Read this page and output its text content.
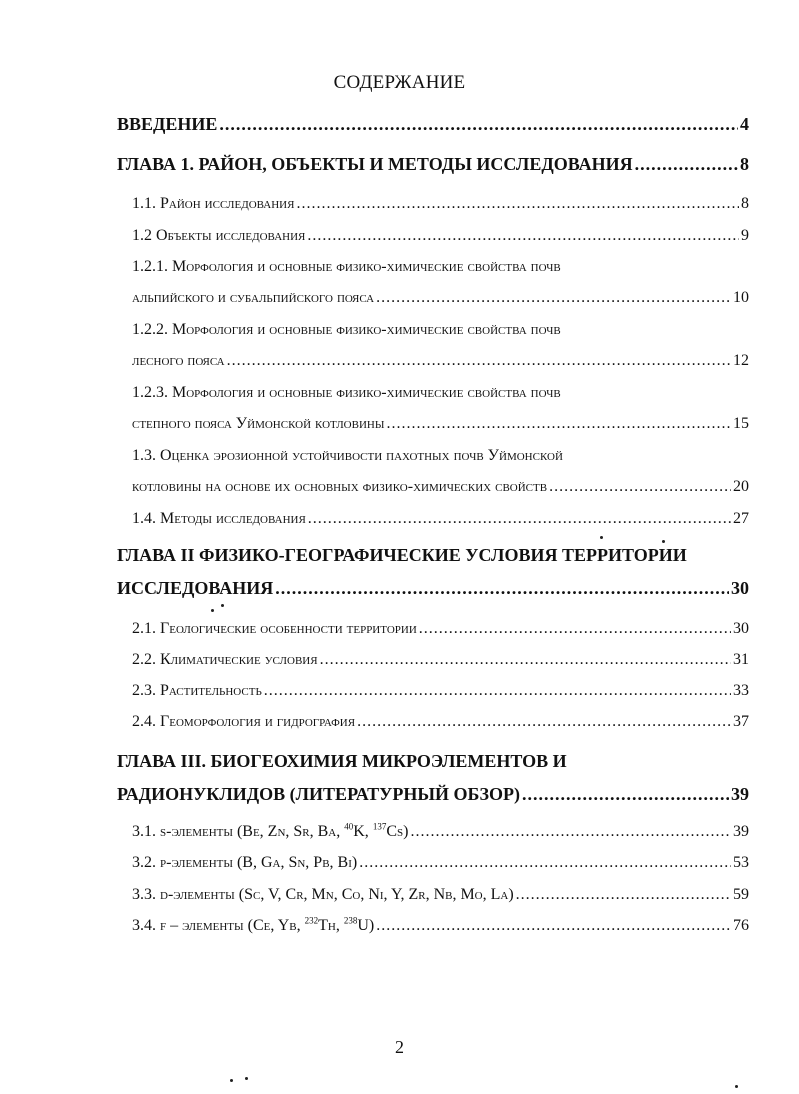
СОДЕРЖАНИЕ
ВВЕДЕНИЕ .....	4
ГЛАВА 1. РАЙОН, ОБЪЕКТЫ И МЕТОДЫ ИССЛЕДОВАНИЯ .....	8
1.1. Район исследования .....	8
1.2 Объекты исследования .....	9
1.2.1. Морфология и основные физико-химические свойства почв
альпийского и субальпийского пояса .....	10
1.2.2. Морфология и основные физико-химические свойства почв
лесного пояса .....	12
1.2.3. Морфология и основные физико-химические свойства почв
степного пояса Уймонской котловины .....	15
1.3. Оценка эрозионной устойчивости пахотных почв Уймонской
котловины на основе их основных физико-химических свойств .....	20
1.4. Методы исследования .....	27
ГЛАВА II ФИЗИКО-ГЕОГРАФИЧЕСКИЕ УСЛОВИЯ ТЕРРИТОРИИ
ИССЛЕДОВАНИЯ .....	30
2.1. Геологические особенности территории .....	30
2.2. Климатические условия .....	31
2.3. Растительность .....	33
2.4. Геоморфология и гидрография .....	37
ГЛАВА III. БИОГЕОХИМИЯ МИКРОЭЛЕМЕНТОВ И
РАДИОНУКЛИДОВ (ЛИТЕРАТУРНЫЙ ОБЗОР) .....	39
3.1. s-элементы (Be, Zn, Sr, Ba, $^{40}$K, $^{137}$Cs) .....	39
3.2. p-элементы (B, Ga, Sn, Pb, Bi) .....	53
3.3. d-элементы (Sc, V, Cr, Mn, Co, Ni, Y, Zr, Nb, Mo, La) .....	59
3.4. f – элементы (Ce, Yb, $^{232}$Th, $^{238}$U) .....	76
2
